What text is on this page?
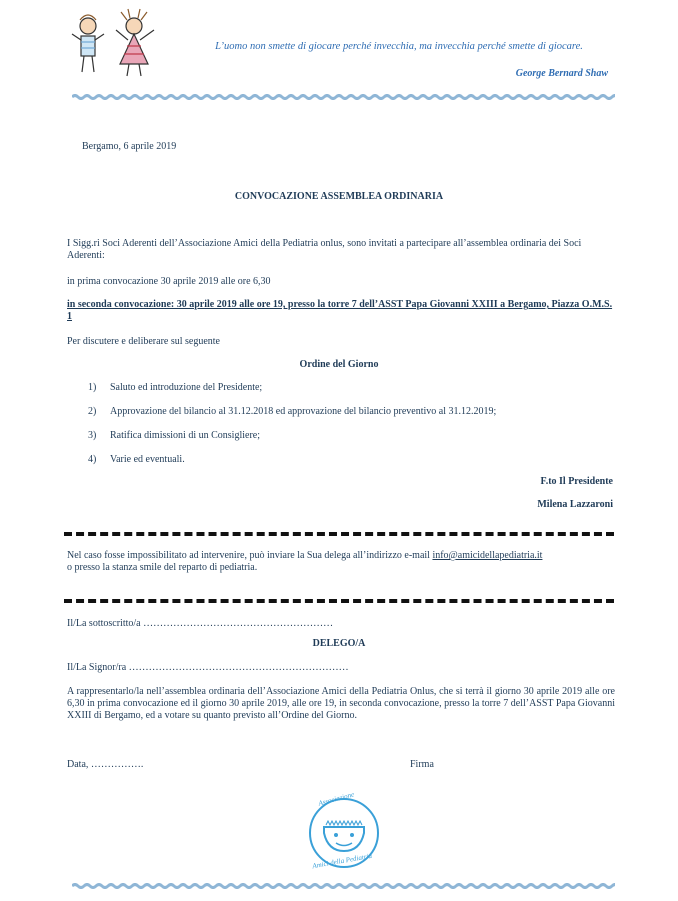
L’uomo non smette di giocare perché invecchia, ma invecchia perché smette di giocare.
George Bernard Shaw
Bergamo, 6 aprile 2019
CONVOCAZIONE ASSEMBLEA ORDINARIA
I Sigg.ri Soci Aderenti dell’Associazione Amici della Pediatria onlus, sono invitati a partecipare all’assemblea ordinaria dei Soci Aderenti:
in prima convocazione 30 aprile 2019 alle ore 6,30
in seconda convocazione: 30 aprile 2019 alle ore 19, presso la torre 7 dell’ASST Papa Giovanni XXIII a Bergamo, Piazza O.M.S. 1
Per discutere e deliberare sul seguente
Ordine del Giorno
1)	Saluto ed introduzione del Presidente;
2)	Approvazione del bilancio al 31.12.2018 ed approvazione del bilancio preventivo al 31.12.2019;
3)	Ratifica dimissioni di un Consigliere;
4)	Varie ed eventuali.
F.to Il Presidente
Milena Lazzaroni
Nel caso fosse impossibilitato ad intervenire, può inviare la Sua delega all’indirizzo e-mail info@amicidellapediatria.it
o presso la stanza smile del reparto di pediatria.
Il/La sottoscritto/a …………………………………………………
DELEGO/A
Il/La Signor/ra …………………………………………………………
A rappresentarlo/la nell’assemblea ordinaria dell’Associazione Amici della Pediatria Onlus, che si terrà il giorno 30 aprile 2019 alle ore 6,30 in prima convocazione ed il giorno 30 aprile 2019, alle ore 19, in seconda convocazione, presso la torre 7 dell’ASST Papa Giovanni XXIII di Bergamo, ed a votare su quanto previsto all’Ordine del Giorno.
Data, …………….	Firma
Associazione
Amici della Pediatria
